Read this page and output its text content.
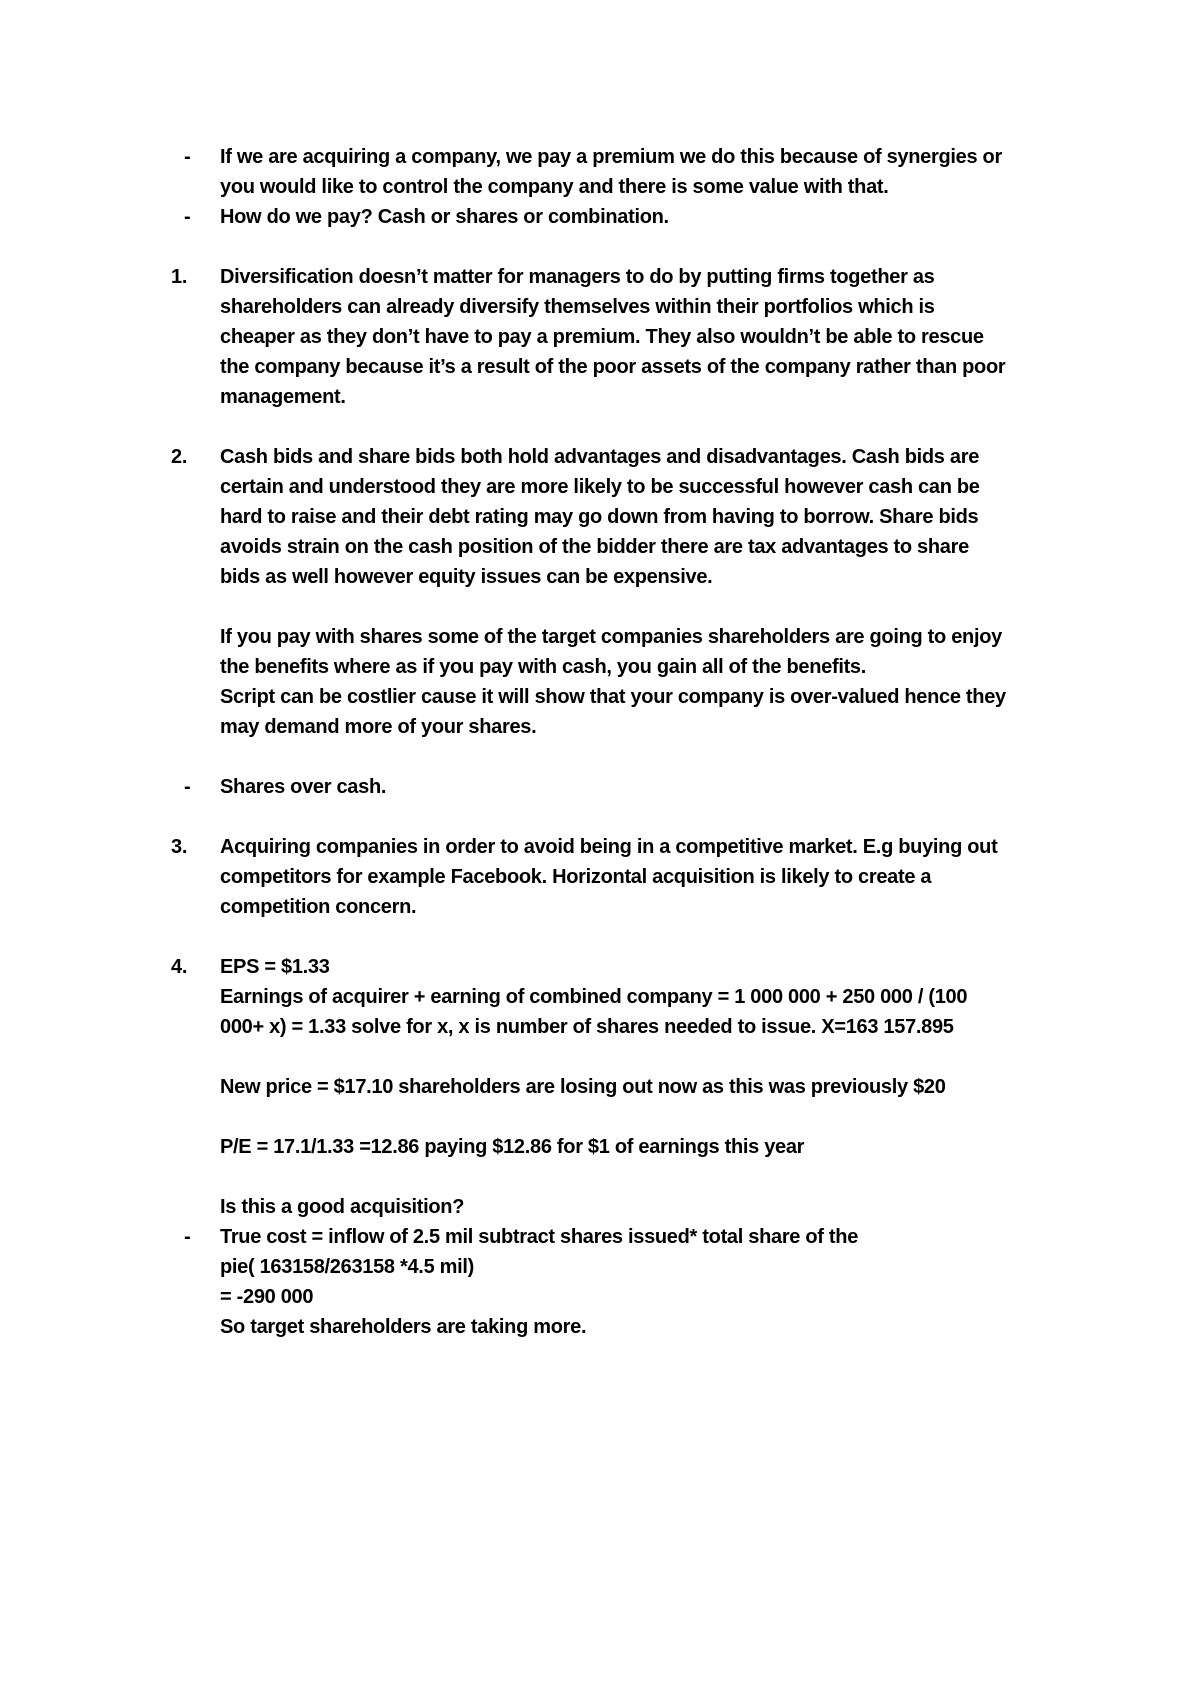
- If we are acquiring a company, we pay a premium we do this because of synergies or
you would like to control the company and there is some value with that.
- How do we pay? Cash or shares or combination.
1. Diversification doesn’t matter for managers to do by putting firms together as
shareholders can already diversify themselves within their portfolios which is
cheaper as they don’t have to pay a premium. They also wouldn’t be able to rescue
the company because it’s a result of the poor assets of the company rather than poor
management.
2. Cash bids and share bids both hold advantages and disadvantages. Cash bids are
certain and understood they are more likely to be successful however cash can be
hard to raise and their debt rating may go down from having to borrow. Share bids
avoids strain on the cash position of the bidder there are tax advantages to share
bids as well however equity issues can be expensive.
If you pay with shares some of the target companies shareholders are going to enjoy
the benefits where as if you pay with cash, you gain all of the benefits.
Script can be costlier cause it will show that your company is over-valued hence they
may demand more of your shares.
- Shares over cash.
3. Acquiring companies in order to avoid being in a competitive market. E.g buying out
competitors for example Facebook. Horizontal acquisition is likely to create a
competition concern.
4. EPS = $1.33
Earnings of acquirer + earning of combined company = 1 000 000 + 250 000 / (100
000+ x) = 1.33 solve for x, x is number of shares needed to issue. X=163 157.895
New price = $17.10 shareholders are losing out now as this was previously $20
P/E = 17.1/1.33 =12.86 paying $12.86 for $1 of earnings this year
Is this a good acquisition?
- True cost = inflow of 2.5 mil subtract shares issued* total share of the
pie( 163158/263158 *4.5 mil)
= -290 000
So target shareholders are taking more.
